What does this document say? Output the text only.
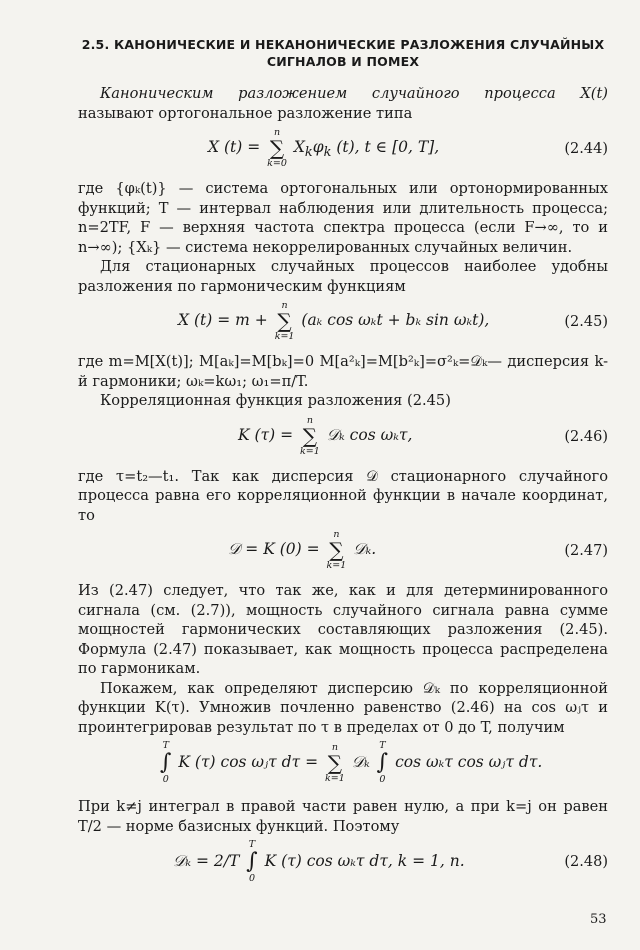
2.5. КАНОНИЧЕСКИЕ И НЕКАНОНИЧЕСКИЕ РАЗЛОЖЕНИЯ СЛУЧАЙНЫХ
СИГНАЛОВ И ПОМЕХ

Каноническим разложением случайного процесса X(t) называют ортогональное разложение типа

X (t) =
n
∑
k=0
$X_k\varphi_k$ (t), t ∈ [0, T],	(2.44)

где {φₖ(t)} — система ортогональных или ортонормированных функций; T — интервал наблюдения или длительность процесса; n=2TF, F — верхняя частота спектра процесса (если F→∞, то и n→∞); {Xₖ} — система некоррелированных случайных величин.

Для стационарных случайных процессов наиболее удобны разложения по гармоническим функциям

X (t) = m +
n
∑
k=1
(aₖ cos ωₖt + bₖ sin ωₖt),	(2.45)

где m=M[X(t)]; M[aₖ]=M[bₖ]=0 M[a²ₖ]=M[b²ₖ]=σ²ₖ=𝒟ₖ— дисперсия k-й гармоники; ωₖ=kω₁; ω₁=π/T.

Корреляционная функция разложения (2.45)

K (τ) =
n
∑
k=1
𝒟ₖ cos ωₖτ,	(2.46)

где τ=t₂—t₁. Так как дисперсия 𝒟 стационарного случайного процесса равна его корреляционной функции в начале координат, то

𝒟 = K (0) =
n
∑
k=1
𝒟ₖ.	(2.47)

Из (2.47) следует, что так же, как и для детерминированного сигнала (см. (2.7)), мощность случайного сигнала равна сумме мощностей гармонических составляющих разложения (2.45). Формула (2.47) показывает, как мощность процесса распределена по гармоникам.

Покажем, как определяют дисперсию 𝒟ₖ по корреляционной функции K(τ). Умножив почленно равенство (2.46) на cos ωⱼτ и проинтегрировав результат по τ в пределах от 0 до T, получим

T
∫
0
K (τ) cos ωⱼτ dτ =
n
∑
k=1
𝒟ₖ
T
∫
0
cos ωₖτ cos ωⱼτ dτ.

При k≠j интеграл в правой части равен нулю, а при k=j он равен T/2 — норме базисных функций. Поэтому

𝒟ₖ = 2/T
T
∫
0
K (τ) cos ωₖτ dτ, k = 1, n.	(2.48)
53
